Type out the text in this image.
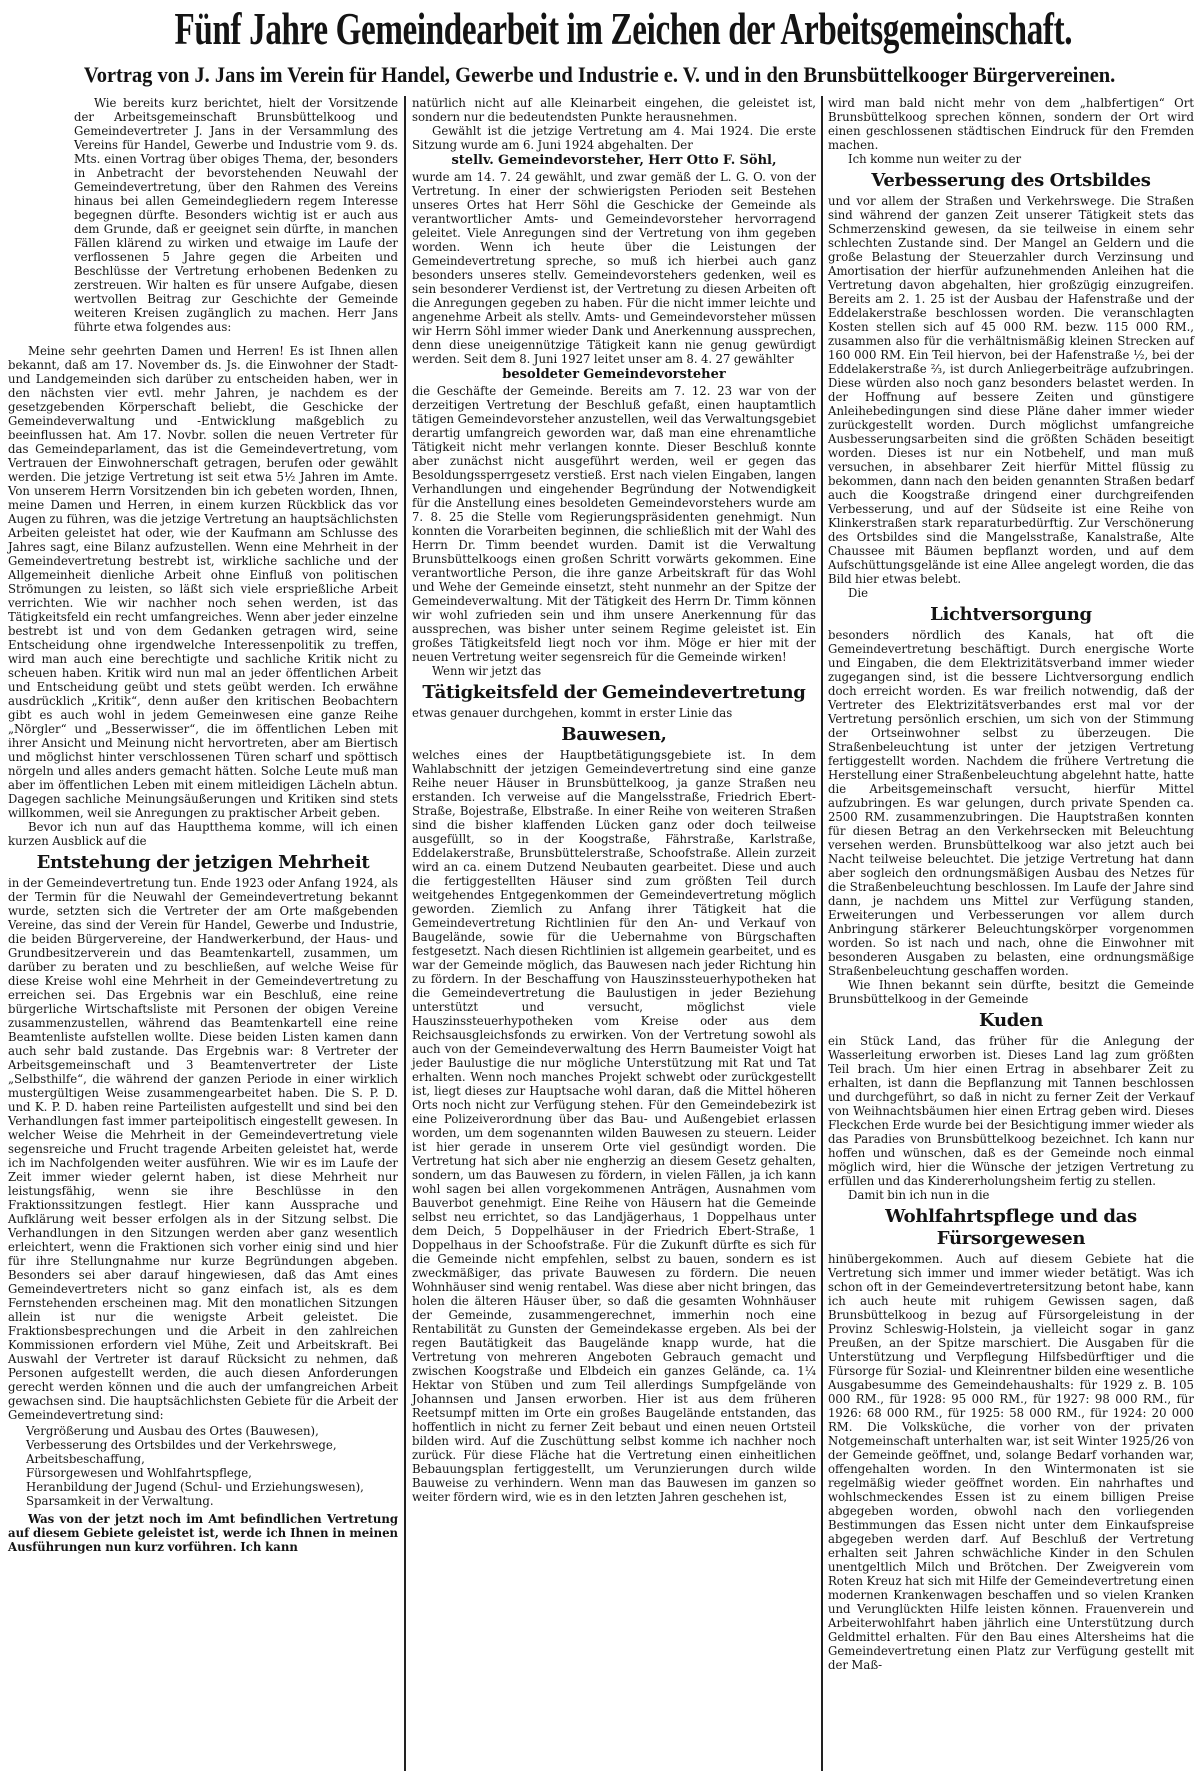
Fünf Jahre Gemeindearbeit im Zeichen der Arbeitsgemeinschaft.
Vortrag von J. Jans im Verein für Handel, Gewerbe und Industrie e. V. und in den Brunsbüttelkooger Bürgervereinen.

Wie bereits kurz berichtet, hielt der Vorsitzende der Arbeitsgemeinschaft Brunsbüttelkoog und Gemeindevertreter J. Jans in der Versammlung des Vereins für Handel, Gewerbe und Industrie vom 9. ds. Mts. einen Vortrag über obiges Thema, der, besonders in Anbetracht der bevorstehenden Neuwahl der Gemeindevertretung, über den Rahmen des Vereins hinaus bei allen Gemeindegliedern regem Interesse begegnen dürfte. Besonders wichtig ist er auch aus dem Grunde, daß er geeignet sein dürfte, in manchen Fällen klärend zu wirken und etwaige im Laufe der verflossenen 5 Jahre gegen die Arbeiten und Beschlüsse der Vertretung erhobenen Bedenken zu zerstreuen. Wir halten es für unsere Aufgabe, diesen wertvollen Beitrag zur Geschichte der Gemeinde weiteren Kreisen zugänglich zu machen. Herr Jans führte etwa folgendes aus:

Meine sehr geehrten Damen und Herren! Es ist Ihnen allen bekannt, daß am 17. November ds. Js. die Einwohner der Stadt- und Landgemeinden sich darüber zu entscheiden haben, wer in den nächsten vier evtl. mehr Jahren, je nachdem es der gesetzgebenden Körperschaft beliebt, die Geschicke der Gemeindeverwaltung und -Entwicklung maßgeblich zu beeinflussen hat. Am 17. Novbr. sollen die neuen Vertreter für das Gemeindeparlament, das ist die Gemeindevertretung, vom Vertrauen der Einwohnerschaft getragen, berufen oder gewählt werden. Die jetzige Vertretung ist seit etwa 5½ Jahren im Amte. Von unserem Herrn Vorsitzenden bin ich gebeten worden, Ihnen, meine Damen und Herren, in einem kurzen Rückblick das vor Augen zu führen, was die jetzige Vertretung an hauptsächlichsten Arbeiten geleistet hat oder, wie der Kaufmann am Schlusse des Jahres sagt, eine Bilanz aufzustellen. Wenn eine Mehrheit in der Gemeindevertretung bestrebt ist, wirkliche sachliche und der Allgemeinheit dienliche Arbeit ohne Einfluß von politischen Strömungen zu leisten, so läßt sich viele ersprießliche Arbeit verrichten. Wie wir nachher noch sehen werden, ist das Tätigkeitsfeld ein recht umfangreiches. Wenn aber jeder einzelne bestrebt ist und von dem Gedanken getragen wird, seine Entscheidung ohne irgendwelche Interessenpolitik zu treffen, wird man auch eine berechtigte und sachliche Kritik nicht zu scheuen haben. Kritik wird nun mal an jeder öffentlichen Arbeit und Entscheidung geübt und stets geübt werden. Ich erwähne ausdrücklich „Kritik“, denn außer den kritischen Beobachtern gibt es auch wohl in jedem Gemeinwesen eine ganze Reihe „Nörgler“ und „Besserwisser“, die im öffentlichen Leben mit ihrer Ansicht und Meinung nicht hervortreten, aber am Biertisch und möglichst hinter verschlossenen Türen scharf und spöttisch nörgeln und alles anders gemacht hätten. Solche Leute muß man aber im öffentlichen Leben mit einem mitleidigen Lächeln abtun. Dagegen sachliche Meinungsäußerungen und Kritiken sind stets willkommen, weil sie Anregungen zu praktischer Arbeit geben.

Bevor ich nun auf das Hauptthema komme, will ich einen kurzen Ausblick auf die

Entstehung der jetzigen Mehrheit

in der Gemeindevertretung tun. Ende 1923 oder Anfang 1924, als der Termin für die Neuwahl der Gemeindevertretung bekannt wurde, setzten sich die Vertreter der am Orte maßgebenden Vereine, das sind der Verein für Handel, Gewerbe und Industrie, die beiden Bürgervereine, der Handwerkerbund, der Haus- und Grundbesitzerverein und das Beamtenkartell, zusammen, um darüber zu beraten und zu beschließen, auf welche Weise für diese Kreise wohl eine Mehrheit in der Gemeindevertretung zu erreichen sei. Das Ergebnis war ein Beschluß, eine reine bürgerliche Wirtschaftsliste mit Personen der obigen Vereine zusammenzustellen, während das Beamtenkartell eine reine Beamtenliste aufstellen wollte. Diese beiden Listen kamen dann auch sehr bald zustande. Das Ergebnis war: 8 Vertreter der Arbeitsgemeinschaft und 3 Beamtenvertreter der Liste „Selbsthilfe“, die während der ganzen Periode in einer wirklich mustergültigen Weise zusammengearbeitet haben. Die S. P. D. und K. P. D. haben reine Parteilisten aufgestellt und sind bei den Verhandlungen fast immer parteipolitisch eingestellt gewesen. In welcher Weise die Mehrheit in der Gemeindevertretung viele segensreiche und Frucht tragende Arbeiten geleistet hat, werde ich im Nachfolgenden weiter ausführen. Wie wir es im Laufe der Zeit immer wieder gelernt haben, ist diese Mehrheit nur leistungsfähig, wenn sie ihre Beschlüsse in den Fraktionssitzungen festlegt. Hier kann Aussprache und Aufklärung weit besser erfolgen als in der Sitzung selbst. Die Verhandlungen in den Sitzungen werden aber ganz wesentlich erleichtert, wenn die Fraktionen sich vorher einig sind und hier für ihre Stellungnahme nur kurze Begründungen abgeben. Besonders sei aber darauf hingewiesen, daß das Amt eines Gemeindevertreters nicht so ganz einfach ist, als es dem Fernstehenden erscheinen mag. Mit den monatlichen Sitzungen allein ist nur die wenigste Arbeit geleistet. Die Fraktionsbesprechungen und die Arbeit in den zahlreichen Kommissionen erfordern viel Mühe, Zeit und Arbeitskraft. Bei Auswahl der Vertreter ist darauf Rücksicht zu nehmen, daß Personen aufgestellt werden, die auch diesen Anforderungen gerecht werden können und die auch der umfangreichen Arbeit gewachsen sind. Die hauptsächlichsten Gebiete für die Arbeit der Gemeindevertretung sind:

Vergrößerung und Ausbau des Ortes (Bauwesen),
Verbesserung des Ortsbildes und der Verkehrswege,
Arbeitsbeschaffung,
Fürsorgewesen und Wohlfahrtspflege,
Heranbildung der Jugend (Schul- und Erziehungswesen),
Sparsamkeit in der Verwaltung.

Was von der jetzt noch im Amt befindlichen Vertretung auf diesem Gebiete geleistet ist, werde ich Ihnen in meinen Ausführungen nun kurz vorführen. Ich kann

natürlich nicht auf alle Kleinarbeit eingehen, die geleistet ist, sondern nur die bedeutendsten Punkte herausnehmen.

Gewählt ist die jetzige Vertretung am 4. Mai 1924. Die erste Sitzung wurde am 6. Juni 1924 abgehalten. Der

stellv. Gemeindevorsteher, Herr Otto F. Söhl,

wurde am 14. 7. 24 gewählt, und zwar gemäß der L. G. O. von der Vertretung. In einer der schwierigsten Perioden seit Bestehen unseres Ortes hat Herr Söhl die Geschicke der Gemeinde als verantwortlicher Amts- und Gemeindevorsteher hervorragend geleitet. Viele Anregungen sind der Vertretung von ihm gegeben worden. Wenn ich heute über die Leistungen der Gemeindevertretung spreche, so muß ich hierbei auch ganz besonders unseres stellv. Gemeindevorstehers gedenken, weil es sein besonderer Verdienst ist, der Vertretung zu diesen Arbeiten oft die Anregungen gegeben zu haben. Für die nicht immer leichte und angenehme Arbeit als stellv. Amts- und Gemeindevorsteher müssen wir Herrn Söhl immer wieder Dank und Anerkennung aussprechen, denn diese uneigennützige Tätigkeit kann nie genug gewürdigt werden. Seit dem 8. Juni 1927 leitet unser am 8. 4. 27 gewählter

besoldeter Gemeindevorsteher

die Geschäfte der Gemeinde. Bereits am 7. 12. 23 war von der derzeitigen Vertretung der Beschluß gefaßt, einen hauptamtlich tätigen Gemeindevorsteher anzustellen, weil das Verwaltungsgebiet derartig umfangreich geworden war, daß man eine ehrenamtliche Tätigkeit nicht mehr verlangen konnte. Dieser Beschluß konnte aber zunächst nicht ausgeführt werden, weil er gegen das Besoldungssperrgesetz verstieß. Erst nach vielen Eingaben, langen Verhandlungen und eingehender Begründung der Notwendigkeit für die Anstellung eines besoldeten Gemeindevorstehers wurde am 7. 8. 25 die Stelle vom Regierungspräsidenten genehmigt. Nun konnten die Vorarbeiten beginnen, die schließlich mit der Wahl des Herrn Dr. Timm beendet wurden. Damit ist die Verwaltung Brunsbüttelkoogs einen großen Schritt vorwärts gekommen. Eine verantwortliche Person, die ihre ganze Arbeitskraft für das Wohl und Wehe der Gemeinde einsetzt, steht nunmehr an der Spitze der Gemeindeverwaltung. Mit der Tätigkeit des Herrn Dr. Timm können wir wohl zufrieden sein und ihm unsere Anerkennung für das aussprechen, was bisher unter seinem Regime geleistet ist. Ein großes Tätigkeitsfeld liegt noch vor ihm. Möge er hier mit der neuen Vertretung weiter segensreich für die Gemeinde wirken!

Wenn wir jetzt das

Tätigkeitsfeld der Gemeindevertretung

etwas genauer durchgehen, kommt in erster Linie das

Bauwesen,

welches eines der Hauptbetätigungsgebiete ist. In dem Wahlabschnitt der jetzigen Gemeindevertretung sind eine ganze Reihe neuer Häuser in Brunsbüttelkoog, ja ganze Straßen neu erstanden. Ich verweise auf die Mangelsstraße, Friedrich Ebert-Straße, Bojestraße, Elbstraße. In einer Reihe von weiteren Straßen sind die bisher klaffenden Lücken ganz oder doch teilweise ausgefüllt, so in der Koogstraße, Fährstraße, Karlstraße, Eddelakerstraße, Brunsbüttelerstraße, Schoofstraße. Allein zurzeit wird an ca. einem Dutzend Neubauten gearbeitet. Diese und auch die fertiggestellten Häuser sind zum größten Teil durch weitgehendes Entgegenkommen der Gemeindevertretung möglich geworden. Ziemlich zu Anfang ihrer Tätigkeit hat die Gemeindevertretung Richtlinien für den An- und Verkauf von Baugelände, sowie für die Uebernahme von Bürgschaften festgesetzt. Nach diesen Richtlinien ist allgemein gearbeitet, und es war der Gemeinde möglich, das Bauwesen nach jeder Richtung hin zu fördern. In der Beschaffung von Hauszinssteuerhypotheken hat die Gemeindevertretung die Baulustigen in jeder Beziehung unterstützt und versucht, möglichst viele Hauszinssteuerhypotheken vom Kreise oder aus dem Reichsausgleichsfonds zu erwirken. Von der Vertretung sowohl als auch von der Gemeindeverwaltung des Herrn Baumeister Voigt hat jeder Baulustige die nur mögliche Unterstützung mit Rat und Tat erhalten. Wenn noch manches Projekt schwebt oder zurückgestellt ist, liegt dieses zur Hauptsache wohl daran, daß die Mittel höheren Orts noch nicht zur Verfügung stehen. Für den Gemeindebezirk ist eine Polizeiverordnung über das Bau- und Außengebiet erlassen worden, um dem sogenannten wilden Bauwesen zu steuern. Leider ist hier gerade in unserem Orte viel gesündigt worden. Die Vertretung hat sich aber nie engherzig an diesem Gesetz gehalten, sondern, um das Bauwesen zu fördern, in vielen Fällen, ja ich kann wohl sagen bei allen vorgekommenen Anträgen, Ausnahmen vom Bauverbot genehmigt. Eine Reihe von Häusern hat die Gemeinde selbst neu errichtet, so das Landjägerhaus, 1 Doppelhaus unter dem Deich, 5 Doppelhäuser in der Friedrich Ebert-Straße, 1 Doppelhaus in der Schoofstraße. Für die Zukunft dürfte es sich für die Gemeinde nicht empfehlen, selbst zu bauen, sondern es ist zweckmäßiger, das private Bauwesen zu fördern. Die neuen Wohnhäuser sind wenig rentabel. Was diese aber nicht bringen, das holen die älteren Häuser über, so daß die gesamten Wohnhäuser der Gemeinde, zusammengerechnet, immerhin noch eine Rentabilität zu Gunsten der Gemeindekasse ergeben. Als bei der regen Bautätigkeit das Baugelände knapp wurde, hat die Vertretung von mehreren Angeboten Gebrauch gemacht und zwischen Koogstraße und Elbdeich ein ganzes Gelände, ca. 1¼ Hektar von Stüben und zum Teil allerdings Sumpfgelände von Johannsen und Jansen erworben. Hier ist aus dem früheren Reetsumpf mitten im Orte ein großes Baugelände entstanden, das hoffentlich in nicht zu ferner Zeit bebaut und einen neuen Ortsteil bilden wird. Auf die Zuschüttung selbst komme ich nachher noch zurück. Für diese Fläche hat die Vertretung einen einheitlichen Bebauungsplan fertiggestellt, um Verunzierungen durch wilde Bauweise zu verhindern. Wenn man das Bauwesen im ganzen so weiter fördern wird, wie es in den letzten Jahren geschehen ist,

wird man bald nicht mehr von dem „halbfertigen“ Ort Brunsbüttelkoog sprechen können, sondern der Ort wird einen geschlossenen städtischen Eindruck für den Fremden machen.

Ich komme nun weiter zu der

Verbesserung des Ortsbildes

und vor allem der Straßen und Verkehrswege. Die Straßen sind während der ganzen Zeit unserer Tätigkeit stets das Schmerzenskind gewesen, da sie teilweise in einem sehr schlechten Zustande sind. Der Mangel an Geldern und die große Belastung der Steuerzahler durch Verzinsung und Amortisation der hierfür aufzunehmenden Anleihen hat die Vertretung davon abgehalten, hier großzügig einzugreifen. Bereits am 2. 1. 25 ist der Ausbau der Hafenstraße und der Eddelakerstraße beschlossen worden. Die veranschlagten Kosten stellen sich auf 45 000 RM. bezw. 115 000 RM., zusammen also für die verhältnismäßig kleinen Strecken auf 160 000 RM. Ein Teil hiervon, bei der Hafenstraße ½, bei der Eddelakerstraße ⅔, ist durch Anliegerbeiträge aufzubringen. Diese würden also noch ganz besonders belastet werden. In der Hoffnung auf bessere Zeiten und günstigere Anleihebedingungen sind diese Pläne daher immer wieder zurückgestellt worden. Durch möglichst umfangreiche Ausbesserungsarbeiten sind die größten Schäden beseitigt worden. Dieses ist nur ein Notbehelf, und man muß versuchen, in absehbarer Zeit hierfür Mittel flüssig zu bekommen, dann nach den beiden genannten Straßen bedarf auch die Koogstraße dringend einer durchgreifenden Verbesserung, und auf der Südseite ist eine Reihe von Klinkerstraßen stark reparaturbedürftig. Zur Verschönerung des Ortsbildes sind die Mangelsstraße, Kanalstraße, Alte Chaussee mit Bäumen bepflanzt worden, und auf dem Aufschüttungsgelände ist eine Allee angelegt worden, die das Bild hier etwas belebt.

Die

Lichtversorgung

besonders nördlich des Kanals, hat oft die Gemeindevertretung beschäftigt. Durch energische Worte und Eingaben, die dem Elektrizitätsverband immer wieder zugegangen sind, ist die bessere Lichtversorgung endlich doch erreicht worden. Es war freilich notwendig, daß der Vertreter des Elektrizitätsverbandes erst mal vor der Vertretung persönlich erschien, um sich von der Stimmung der Ortseinwohner selbst zu überzeugen. Die Straßenbeleuchtung ist unter der jetzigen Vertretung fertiggestellt worden. Nachdem die frühere Vertretung die Herstellung einer Straßenbeleuchtung abgelehnt hatte, hatte die Arbeitsgemeinschaft versucht, hierfür Mittel aufzubringen. Es war gelungen, durch private Spenden ca. 2500 RM. zusammenzubringen. Die Hauptstraßen konnten für diesen Betrag an den Verkehrsecken mit Beleuchtung versehen werden. Brunsbüttelkoog war also jetzt auch bei Nacht teilweise beleuchtet. Die jetzige Vertretung hat dann aber sogleich den ordnungsmäßigen Ausbau des Netzes für die Straßenbeleuchtung beschlossen. Im Laufe der Jahre sind dann, je nachdem uns Mittel zur Verfügung standen, Erweiterungen und Verbesserungen vor allem durch Anbringung stärkerer Beleuchtungskörper vorgenommen worden. So ist nach und nach, ohne die Einwohner mit besonderen Ausgaben zu belasten, eine ordnungsmäßige Straßenbeleuchtung geschaffen worden.

Wie Ihnen bekannt sein dürfte, besitzt die Gemeinde Brunsbüttelkoog in der Gemeinde

Kuden

ein Stück Land, das früher für die Anlegung der Wasserleitung erworben ist. Dieses Land lag zum größten Teil brach. Um hier einen Ertrag in absehbarer Zeit zu erhalten, ist dann die Bepflanzung mit Tannen beschlossen und durchgeführt, so daß in nicht zu ferner Zeit der Verkauf von Weihnachtsbäumen hier einen Ertrag geben wird. Dieses Fleckchen Erde wurde bei der Besichtigung immer wieder als das Paradies von Brunsbüttelkoog bezeichnet. Ich kann nur hoffen und wünschen, daß es der Gemeinde noch einmal möglich wird, hier die Wünsche der jetzigen Vertretung zu erfüllen und das Kindererholungsheim fertig zu stellen.

Damit bin ich nun in die

Wohlfahrtspflege und das Fürsorgewesen

hinübergekommen. Auch auf diesem Gebiete hat die Vertretung sich immer und immer wieder betätigt. Was ich schon oft in der Gemeindevertretersitzung betont habe, kann ich auch heute mit ruhigem Gewissen sagen, daß Brunsbüttelkoog in bezug auf Fürsorgeleistung in der Provinz Schleswig-Holstein, ja vielleicht sogar in ganz Preußen, an der Spitze marschiert. Die Ausgaben für die Unterstützung und Verpflegung Hilfsbedürftiger und die Fürsorge für Sozial- und Kleinrentner bilden eine wesentliche Ausgabesumme des Gemeindehaushalts: für 1929 z. B. 105 000 RM., für 1928: 95 000 RM., für 1927: 98 000 RM., für 1926: 68 000 RM., für 1925: 58 000 RM., für 1924: 20 000 RM. Die Volksküche, die vorher von der privaten Notgemeinschaft unterhalten war, ist seit Winter 1925/26 von der Gemeinde geöffnet, und, solange Bedarf vorhanden war, offengehalten worden. In den Wintermonaten ist sie regelmäßig wieder geöffnet worden. Ein nahrhaftes und wohlschmeckendes Essen ist zu einem billigen Preise abgegeben worden, obwohl nach den vorliegenden Bestimmungen das Essen nicht unter dem Einkaufspreise abgegeben werden darf. Auf Beschluß der Vertretung erhalten seit Jahren schwächliche Kinder in den Schulen unentgeltlich Milch und Brötchen. Der Zweigverein vom Roten Kreuz hat sich mit Hilfe der Gemeindevertretung einen modernen Krankenwagen beschaffen und so vielen Kranken und Verunglückten Hilfe leisten können. Frauenverein und Arbeiterwohlfahrt haben jährlich eine Unterstützung durch Geldmittel erhalten. Für den Bau eines Altersheims hat die Gemeindevertretung einen Platz zur Verfügung gestellt mit der Maß-
